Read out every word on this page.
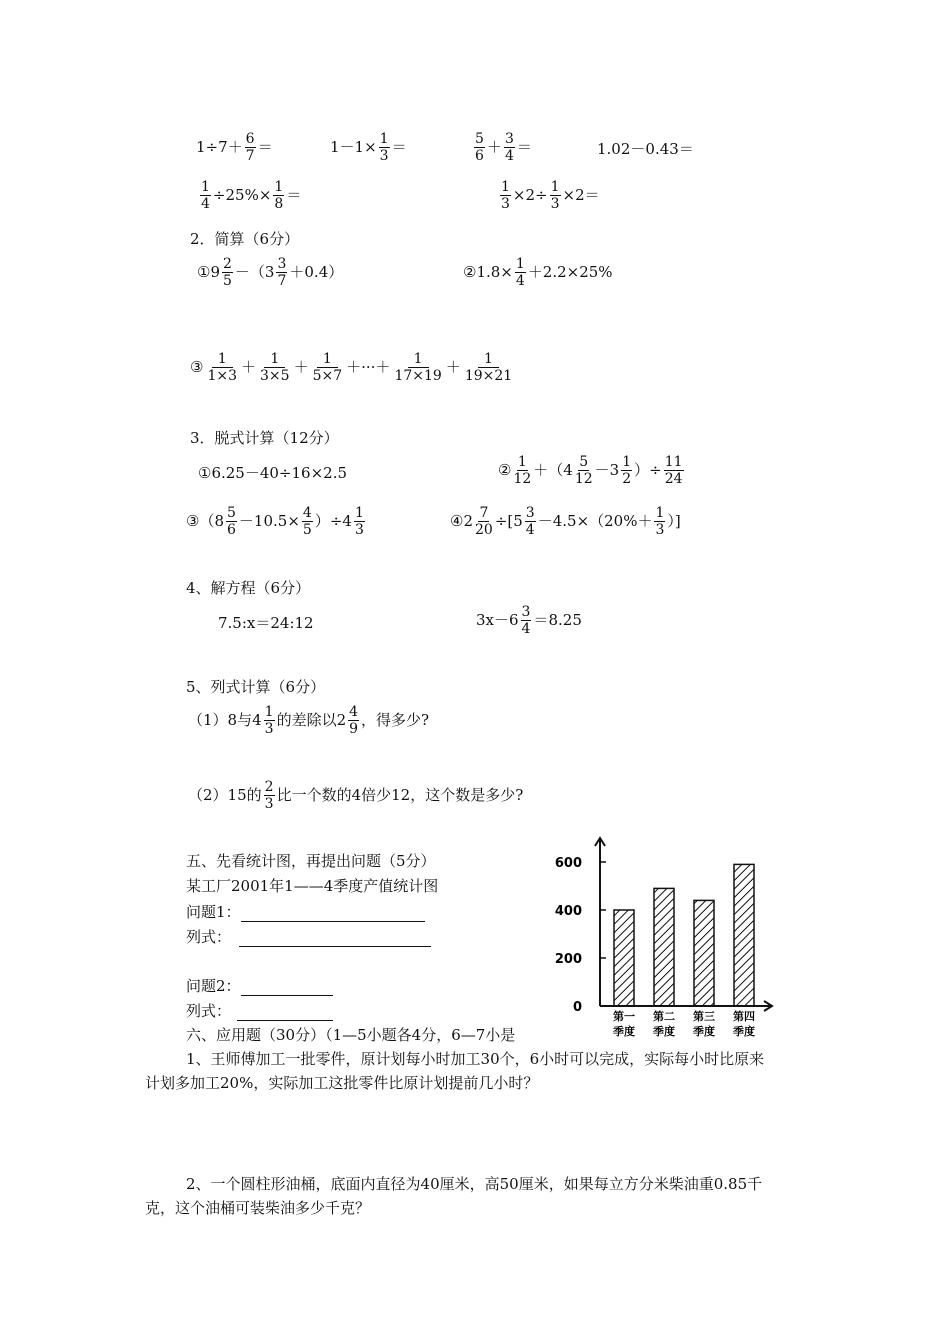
$1\div 7+ \frac{6}{7}$ ＝	$1-1\times \frac{1}{3}$ ＝	$\frac{5}{6} + \frac{3}{4}$ ＝	1.02－0.43＝
$\frac{1}{4} \div 25\%\times \frac{1}{8}$ ＝	$\frac{1}{3} \times 2\div \frac{1}{3} \times 2=$
2．简算（6分）
①9 $\frac{2}{5} -(3 \frac{3}{7} +0.4)$	②1.8× $\frac{1}{4} +2.2\times 25\%$
③ $\frac{1}{1\times 3} + \frac{1}{3\times 5} + \frac{1}{5\times 7}$ ＋···＋ $\frac{1}{17\times 19} + \frac{1}{19\times 21}$
3．脱式计算（12分）
①6.25－40÷16×2.5	② $\frac{1}{12} +(4 \frac{5}{12} -3 \frac{1}{2}$ ）÷ $\frac{11}{24}$
③（8 $\frac{5}{6} -10.5\times \frac{4}{5} )\div 4 \frac{1}{3}$	④2 $\frac{7}{20} \div[5 \frac{3}{4} -4.5\times(20\%+ \frac{1}{3}$ ）]
4、解方程（6分）
7.5:x＝24:12	$3x-6 \frac{3}{4} =8.25$
5、列式计算（6分）
（1）8与$4 \frac{1}{3}$ 的差除以$2 \frac{4}{9}$ ，得多少?
（2）15的 $\frac{2}{3}$ 比一个数的4倍少12，这个数是多少?
五、先看统计图，再提出问题（5分）
某工厂2001年1——4季度产值统计图
问题1：
列式：
问题2：
列式：	0
200
400
600
第一
季度
第二
季度
第三
季度
第四
季度
六、应用题（30分）（1—5小题各4分，6—7小是
1、王师傅加工一批零件，原计划每小时加工30个，6小时可以完成，实际每小时比原来
计划多加工20%，实际加工这批零件比原计划提前几小时？
2、一个圆柱形油桶，底面内直径为40厘米，高50厘米，如果每立方分米柴油重0.85千
克，这个油桶可装柴油多少千克？
